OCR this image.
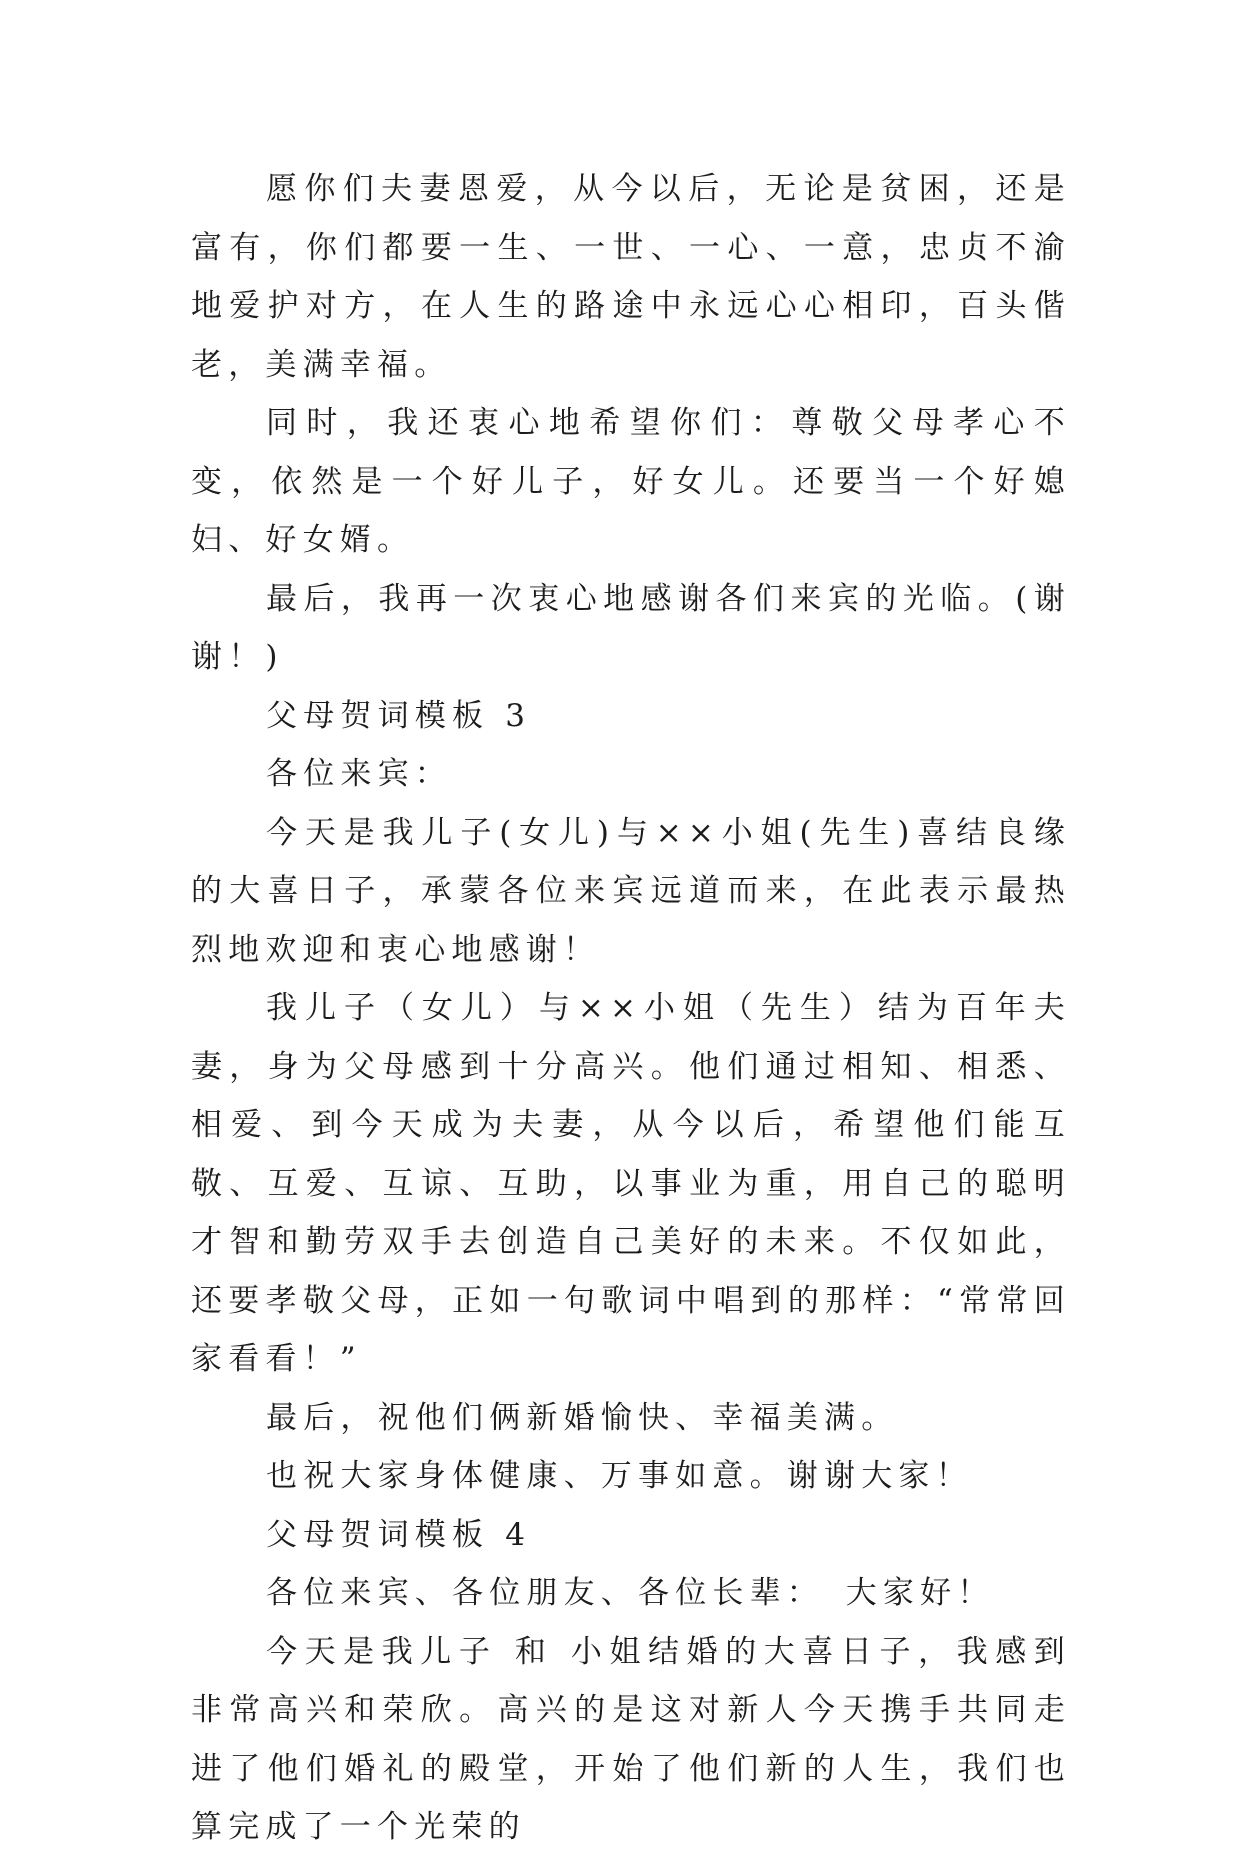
愿你们夫妻恩爱，从今以后，无论是贫困，还是富有，你们都要一生、一世、一心、一意，忠贞不渝地爱护对方，在人生的路途中永远心心相印，百头偕老，美满幸福。

同时，我还衷心地希望你们：尊敬父母孝心不变，依然是一个好儿子，好女儿。还要当一个好媳妇、好女婿。

最后，我再一次衷心地感谢各们来宾的光临。(谢谢！)

父母贺词模板 3

各位来宾：

今天是我儿子(女儿)与××小姐(先生)喜结良缘的大喜日子，承蒙各位来宾远道而来，在此表示最热烈地欢迎和衷心地感谢！

我儿子（女儿）与××小姐（先生）结为百年夫妻，身为父母感到十分高兴。他们通过相知、相悉、相爱、到今天成为夫妻，从今以后，希望他们能互敬、互爱、互谅、互助，以事业为重，用自己的聪明才智和勤劳双手去创造自己美好的未来。不仅如此，还要孝敬父母，正如一句歌词中唱到的那样：“常常回家看看！”

最后，祝他们俩新婚愉快、幸福美满。

也祝大家身体健康、万事如意。谢谢大家！

父母贺词模板 4

各位来宾、各位朋友、各位长辈：　大家好！

今天是我儿子 和 小姐结婚的大喜日子，我感到非常高兴和荣欣。高兴的是这对新人今天携手共同走进了他们婚礼的殿堂，开始了他们新的人生，我们也算完成了一个光荣的
